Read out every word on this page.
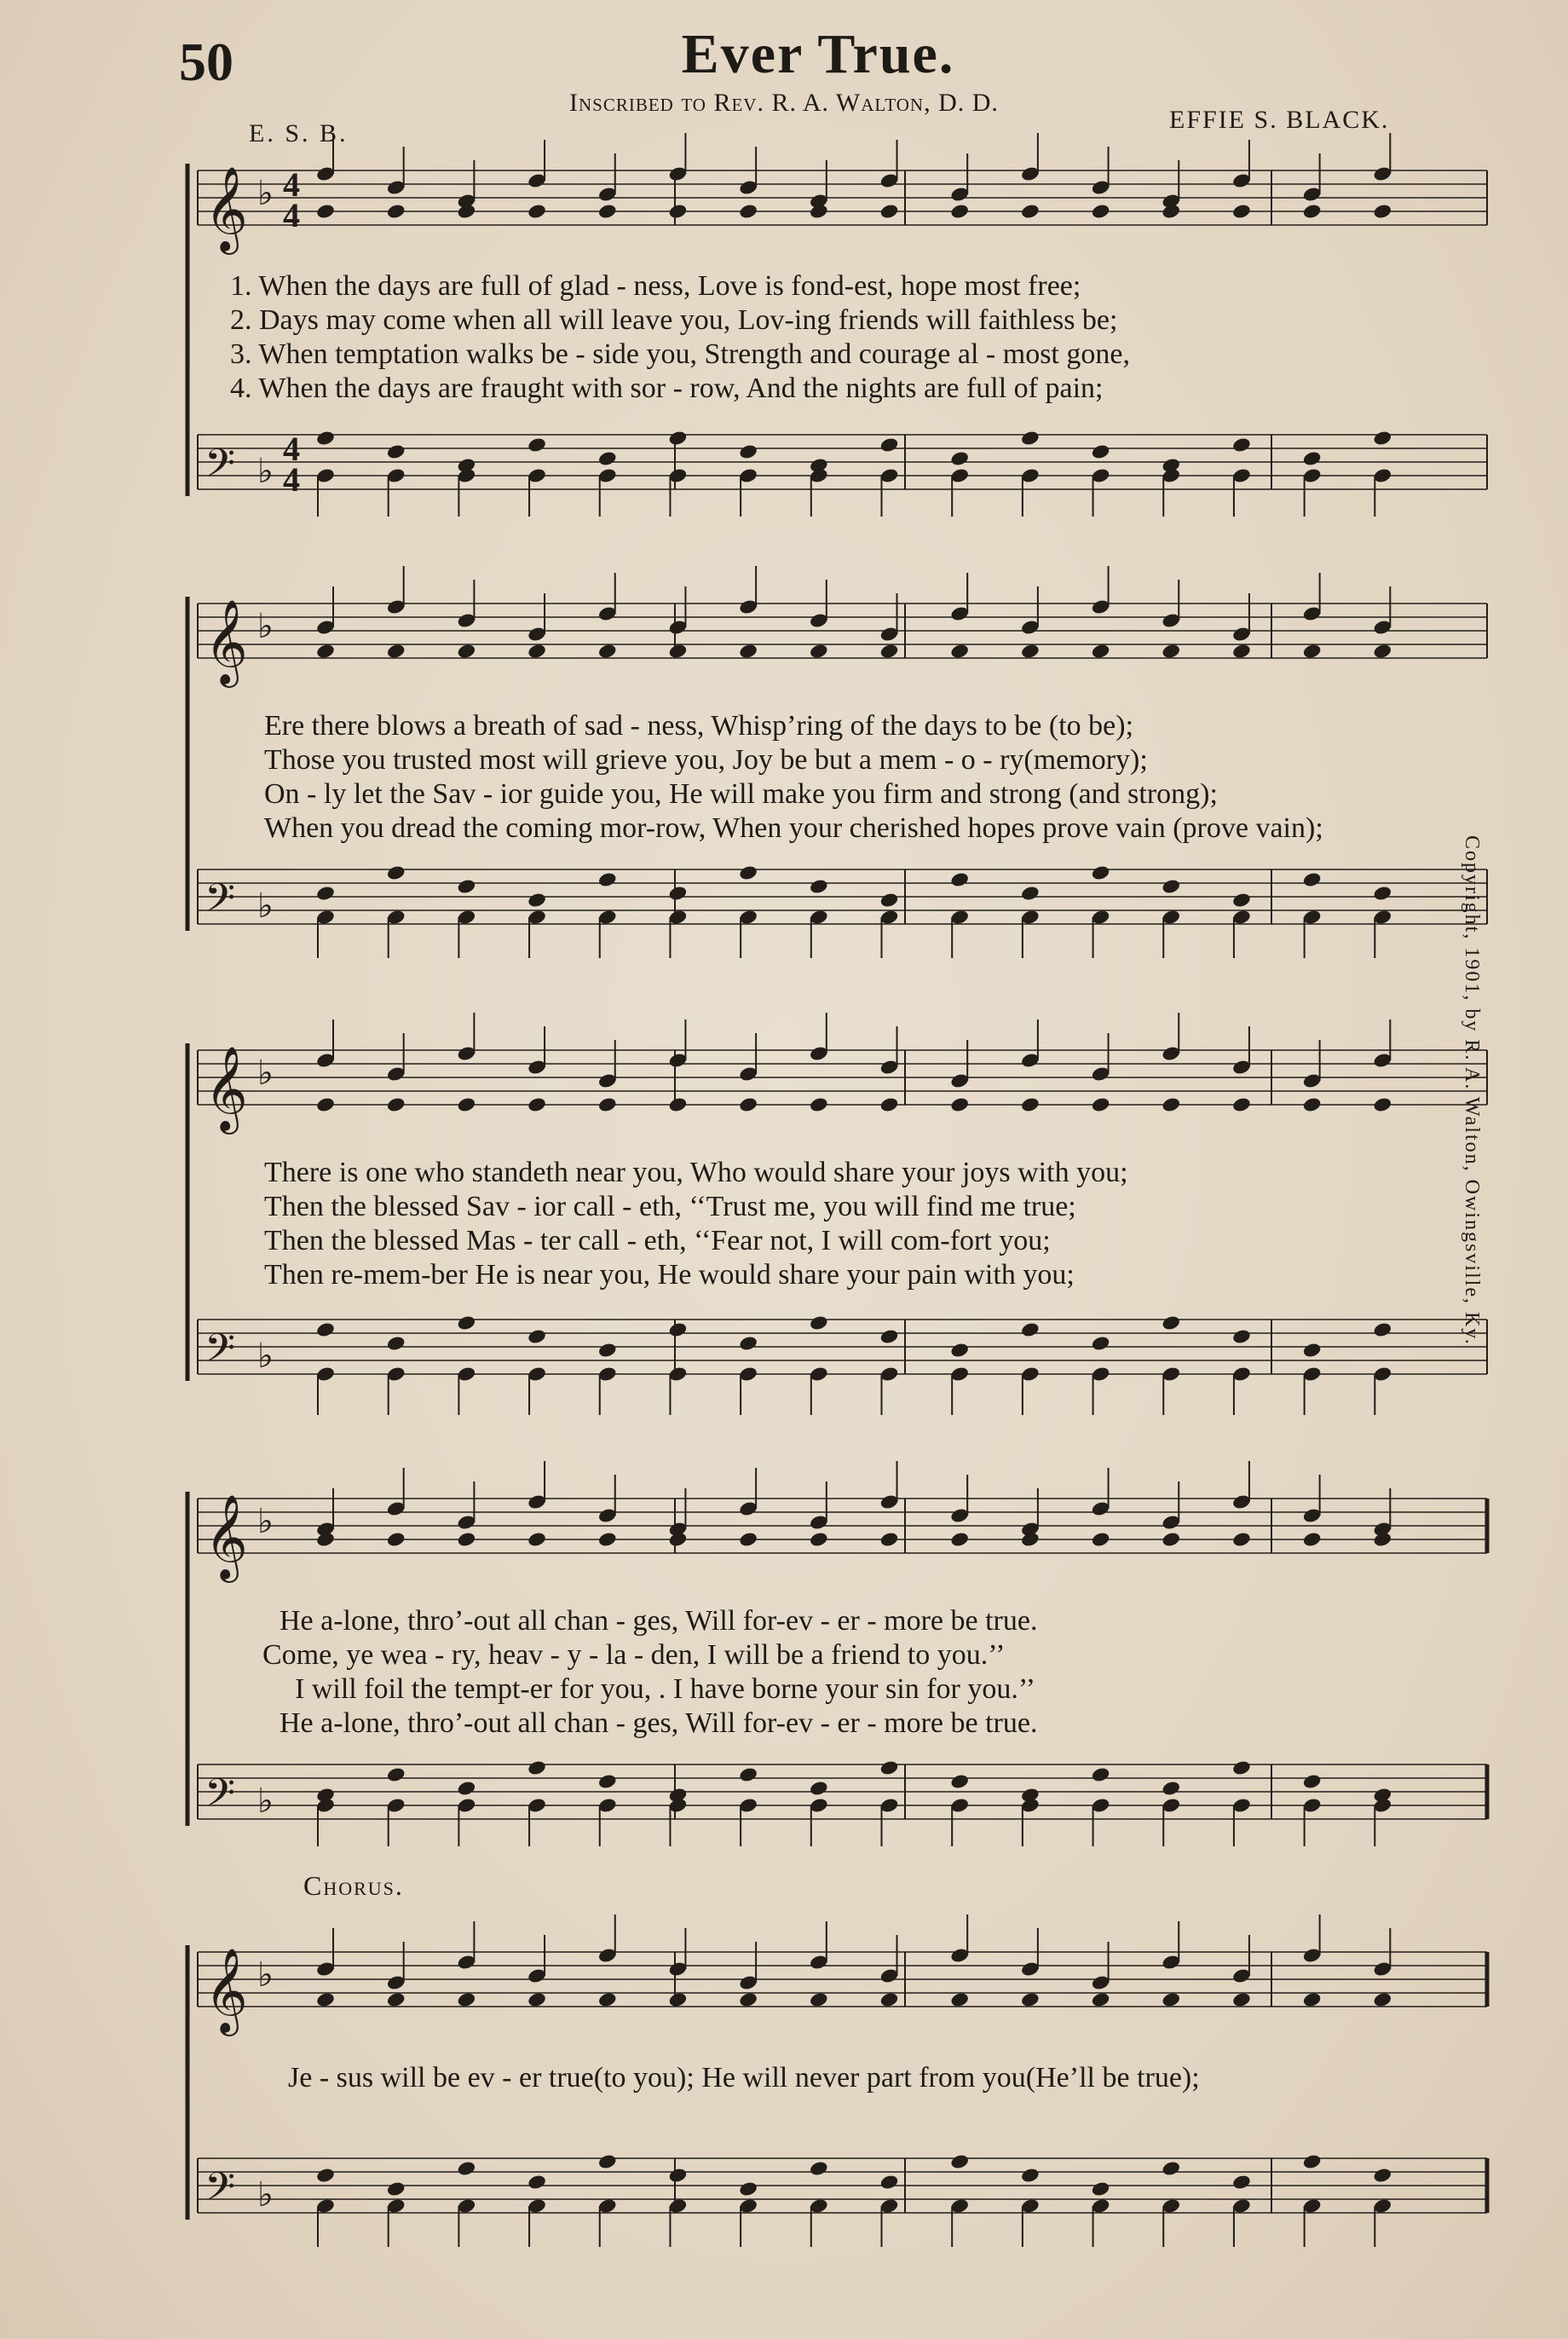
50	Ever True.
Inscribed to Rev. R. A. Walton, D. D.
E. S. B.	EFFIE S. BLACK.
Copyright, 1901, by R. A. Walton, Owingsville, Ky.
𝄞 ♭ 4
4
𝄢 ♭
4
4
𝄞 ♭
𝄢 ♭
𝄞 ♭
𝄢 ♭
𝄞 ♭
𝄢 ♭
𝄞 ♭
𝄢 ♭
1. When the days are full of glad - ness, Love is fond-est, hope most free;
2. Days may come when all will leave you, Lov-ing friends will faithless be;
3. When temptation walks be - side you, Strength and courage al - most gone,
4. When the days are fraught with sor - row, And the nights are full of pain;
Ere there blows a breath of sad - ness, Whisp’ring of the days to be (to be);
Those you trusted most will grieve you, Joy be but a mem - o - ry(memory);
On - ly let the Sav - ior guide you, He will make you firm and strong (and strong);
When you dread the coming mor-row, When your cherished hopes prove vain (prove vain);
There is one who standeth near you, Who would share your joys with you;
Then the blessed Sav - ior call - eth, ‘‘Trust me, you will find me true;
Then the blessed Mas - ter call - eth, ‘‘Fear not, I will com-fort you;
Then re-mem-ber He is near you, He would share your pain with you;
He a-lone, thro’-out all chan - ges, Will for-ev - er - more be true.
Come, ye wea - ry, heav - y - la - den, I will be a friend to you.’’
I will foil the tempt-er for you, . I have borne your sin for you.’’
He a-lone, thro’-out all chan - ges, Will for-ev - er - more be true.
Chorus.
Je - sus will be ev - er true(to you); He will never part from you(He’ll be true);
